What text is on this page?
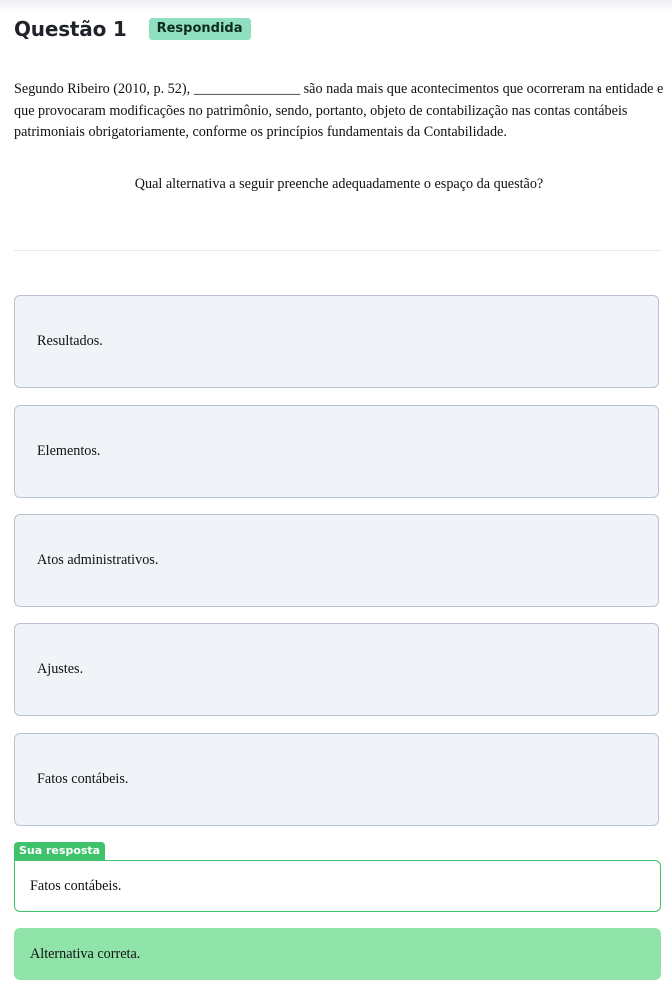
Questão 1	Respondida
Segundo Ribeiro (2010, p. 52), _______________ são nada mais que acontecimentos que ocorreram na entidade e que provocaram modificações no patrimônio, sendo, portanto, objeto de contabilização nas contas contábeis patrimoniais obrigatoriamente, conforme os princípios fundamentais da Contabilidade.
Qual alternativa a seguir preenche adequadamente o espaço da questão?
Resultados.
Elementos.
Atos administrativos.
Ajustes.
Fatos contábeis.
Sua resposta
Fatos contábeis.
Alternativa correta.
